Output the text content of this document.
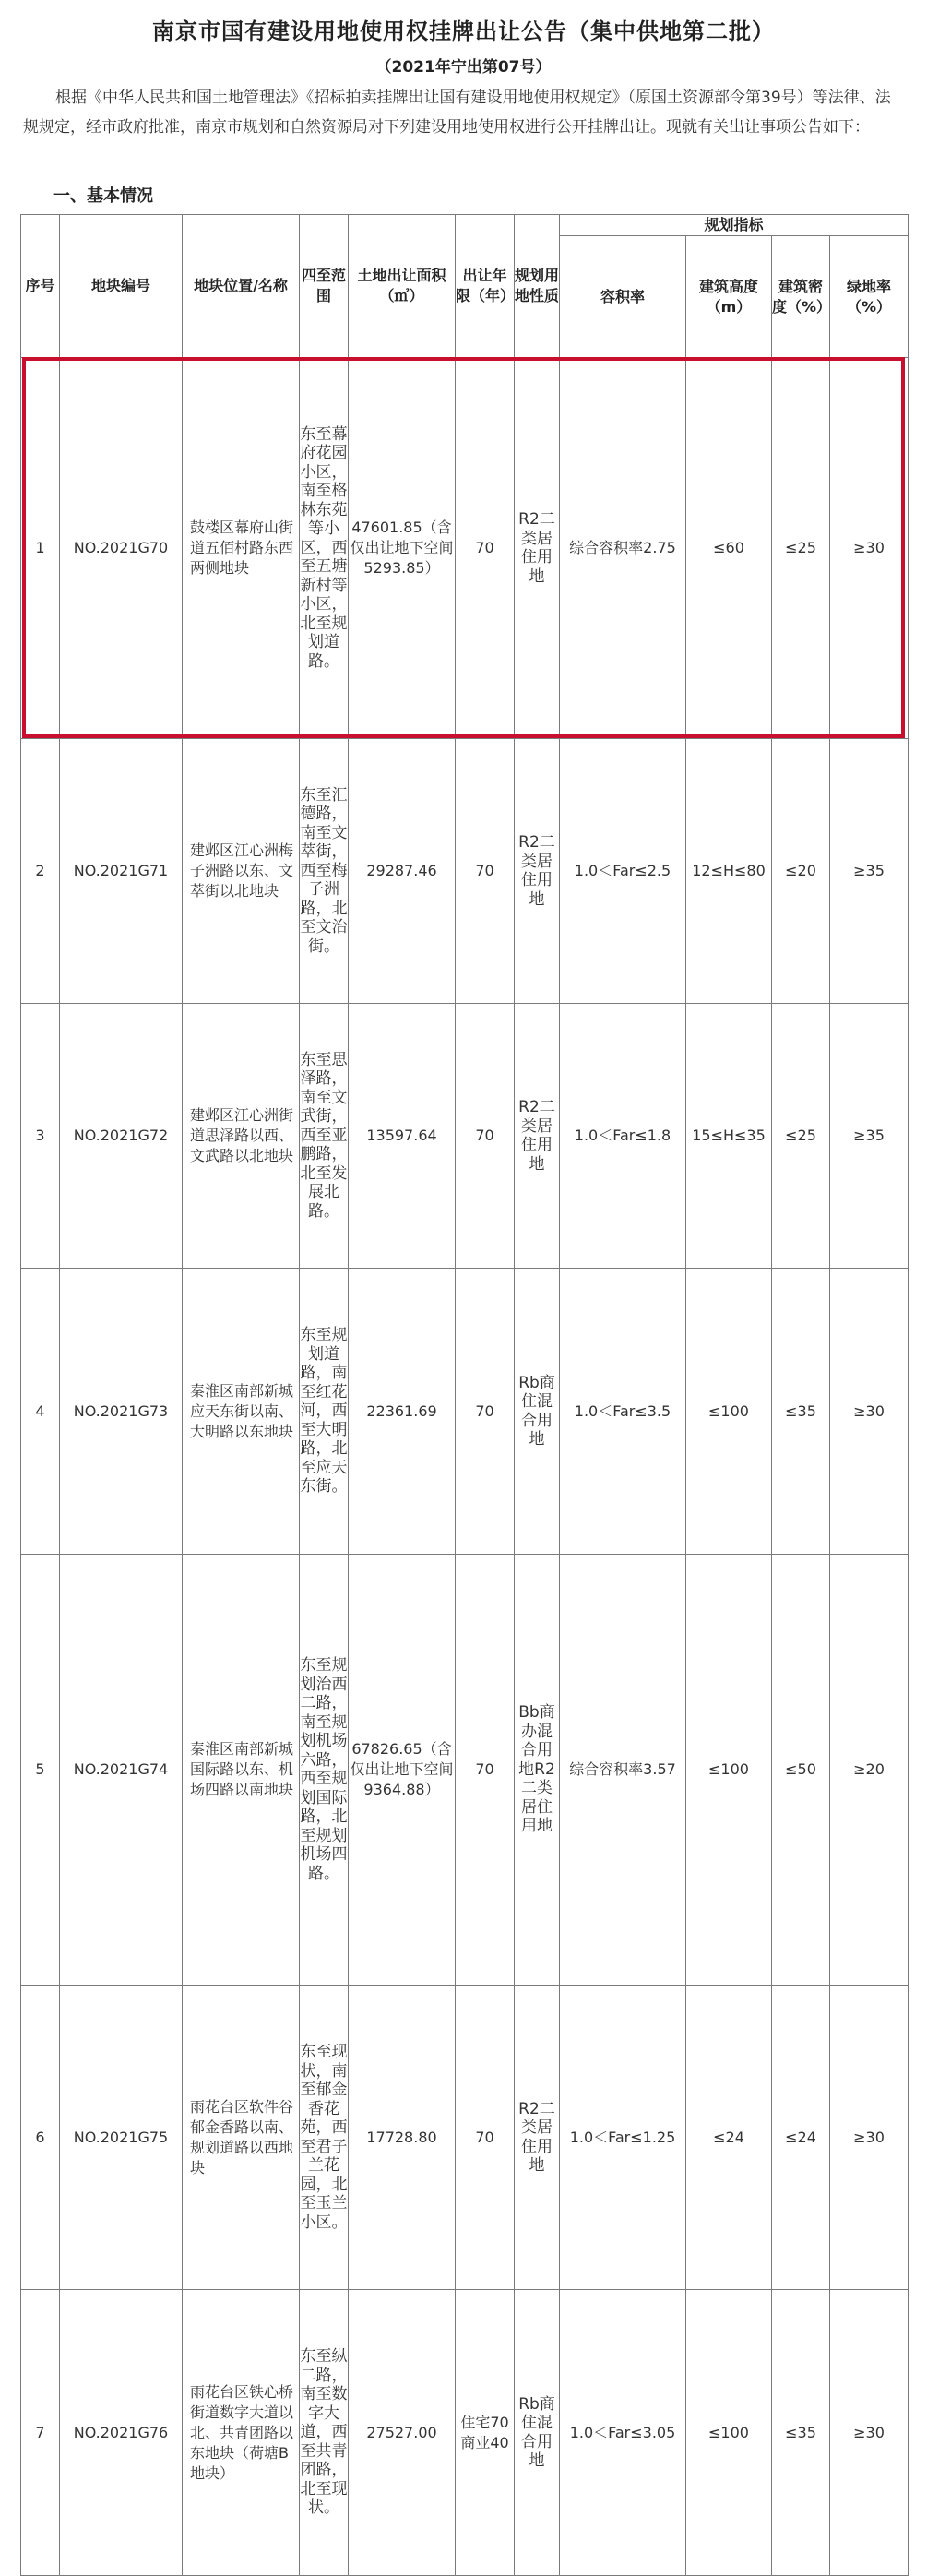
南京市国有建设用地使用权挂牌出让公告（集中供地第二批）
（2021年宁出第07号）

根据《中华人民共和国土地管理法》《招标拍卖挂牌出让国有建设用地使用权规定》（原国土资源部令第39号）等法律、法规规定，经市政府批准，南京市规划和自然资源局对下列建设用地使用权进行公开挂牌出让。现就有关出让事项公告如下：

一、基本情况
序号	地块编号	地块位置/名称	四至范围	土地出让面积（㎡）	出让年限（年）	规划用地性质	规划指标			
							容积率	建筑高度（m）	建筑密度（%）	绿地率（%）
1	NO.2021G70	鼓楼区幕府山街道五佰村路东西两侧地块	东至幕府花园小区，南至格林东苑等小区，西至五塘新村等小区，北至规划道路。	47601.85（含仅出让地下空间5293.85）	70	R2二类居住用地	综合容积率2.75	≤60	≤25	≥30
2	NO.2021G71	建邺区江心洲梅子洲路以东、文萃街以北地块	东至汇德路，南至文萃街，西至梅子洲路，北至文治街。	29287.46	70	R2二类居住用地	1.0＜Far≤2.5	12≤H≤80	≤20	≥35
3	NO.2021G72	建邺区江心洲街道思泽路以西、文武路以北地块	东至思泽路，南至文武街，西至亚鹏路，北至发展北路。	13597.64	70	R2二类居住用地	1.0＜Far≤1.8	15≤H≤35	≤25	≥35
4	NO.2021G73	秦淮区南部新城应天东街以南、大明路以东地块	东至规划道路，南至红花河，西至大明路，北至应天东街。	22361.69	70	Rb商住混合用地	1.0＜Far≤3.5	≤100	≤35	≥30
5	NO.2021G74	秦淮区南部新城国际路以东、机场四路以南地块	东至规划治西二路，南至规划机场六路，西至规划国际路，北至规划机场四路。	67826.65（含仅出让地下空间9364.88）	70	Bb商办混合用地R2二类居住用地	综合容积率3.57	≤100	≤50	≥20
6	NO.2021G75	雨花台区软件谷郁金香路以南、规划道路以西地块	东至现状，南至郁金香花苑，西至君子兰花园，北至玉兰小区。	17728.80	70	R2二类居住用地	1.0＜Far≤1.25	≤24	≤24	≥30
7	NO.2021G76	雨花台区铁心桥街道数字大道以北、共青团路以东地块（荷塘B地块）	东至纵二路，南至数字大道，西至共青团路，北至现状。	27527.00	住宅70 商业40	Rb商住混合用地	1.0＜Far≤3.05	≤100	≤35	≥30
